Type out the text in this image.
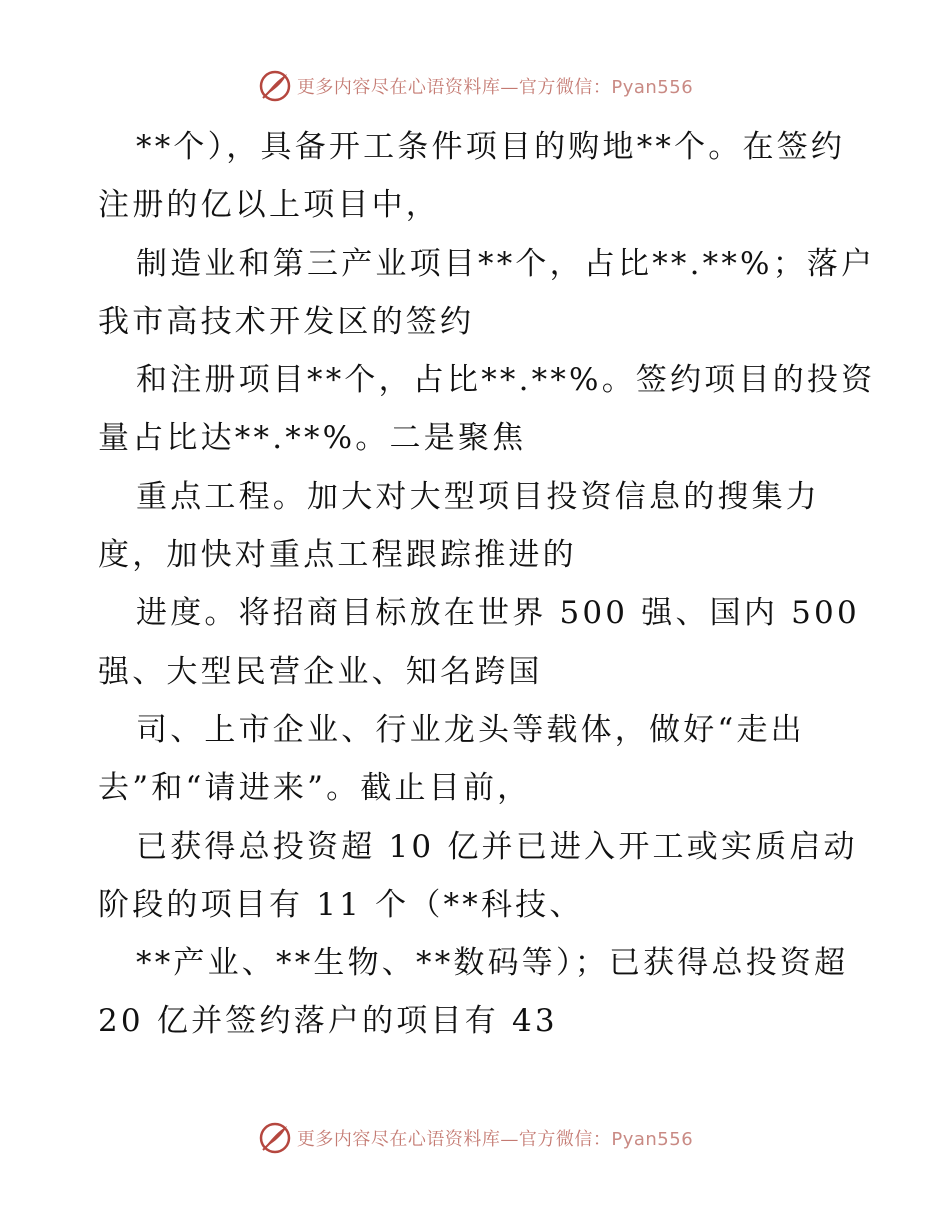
更多内容尽在心语资料库—官方微信：Pyan556
**个），具备开工条件项目的购地**个。在签约
注册的亿以上项目中，
制造业和第三产业项目**个，占比**.**%；落户
我市高技术开发区的签约
和注册项目**个，占比**.**%。签约项目的投资
量占比达**.**%。二是聚焦
重点工程。加大对大型项目投资信息的搜集力
度，加快对重点工程跟踪推进的
进度。将招商目标放在世界 500 强、国内 500
强、大型民营企业、知名跨国
司、上市企业、行业龙头等载体，做好“走出
去”和“请进来”。截止目前，
已获得总投资超 10 亿并已进入开工或实质启动
阶段的项目有 11 个（**科技、
**产业、**生物、**数码等）；已获得总投资超
20 亿并签约落户的项目有 43
更多内容尽在心语资料库—官方微信：Pyan556
